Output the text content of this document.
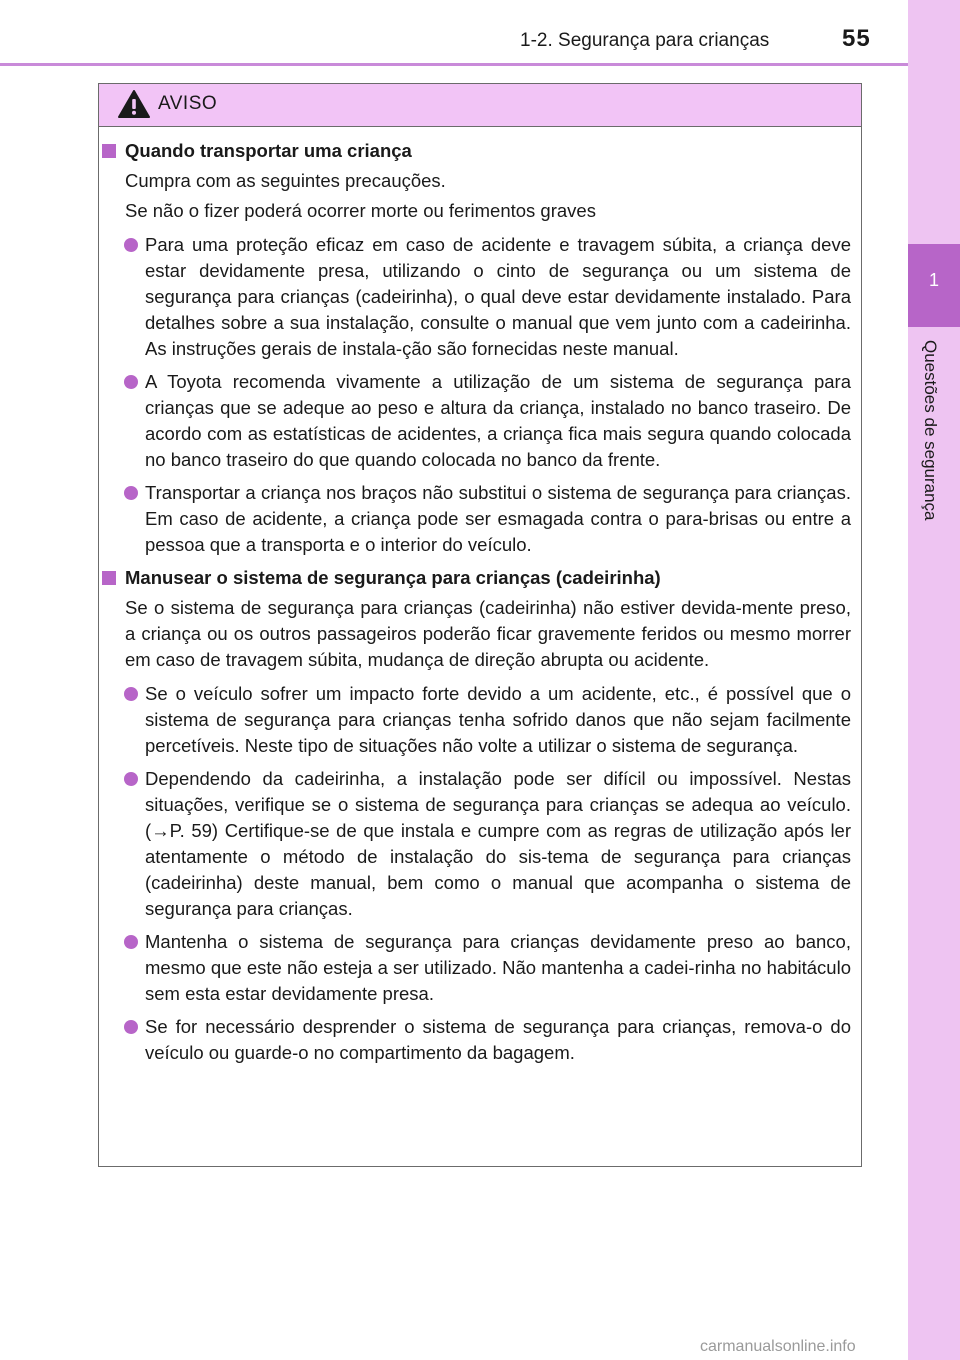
1-2. Segurança para crianças	55
1
Questões de segurança
AVISO
Quando transportar uma criança
Cumpra com as seguintes precauções.
Se não o fizer poderá ocorrer morte ou ferimentos graves
Para uma proteção eficaz em caso de acidente e travagem súbita, a criança deve estar devidamente presa, utilizando o cinto de segurança ou um sistema de segurança para crianças (cadeirinha), o qual deve estar devidamente instalado. Para detalhes sobre a sua instalação, consulte o manual que vem junto com a cadeirinha. As instruções gerais de instala-ção são fornecidas neste manual.
A Toyota recomenda vivamente a utilização de um sistema de segurança para crianças que se adeque ao peso e altura da criança, instalado no banco traseiro. De acordo com as estatísticas de acidentes, a criança fica mais segura quando colocada no banco traseiro do que quando colocada no banco da frente.
Transportar a criança nos braços não substitui o sistema de segurança para crianças. Em caso de acidente, a criança pode ser esmagada contra o para-brisas ou entre a pessoa que a transporta e o interior do veículo.
Manusear o sistema de segurança para crianças (cadeirinha)
Se o sistema de segurança para crianças (cadeirinha) não estiver devida-mente preso, a criança ou os outros passageiros poderão ficar gravemente feridos ou mesmo morrer em caso de travagem súbita, mudança de direção abrupta ou acidente.
Se o veículo sofrer um impacto forte devido a um acidente, etc., é possível que o sistema de segurança para crianças tenha sofrido danos que não sejam facilmente percetíveis. Neste tipo de situações não volte a utilizar o sistema de segurança.
Dependendo da cadeirinha, a instalação pode ser difícil ou impossível. Nestas situações, verifique se o sistema de segurança para crianças se adequa ao veículo. (→P. 59) Certifique-se de que instala e cumpre com as regras de utilização após ler atentamente o método de instalação do sis-tema de segurança para crianças (cadeirinha) deste manual, bem como o manual que acompanha o sistema de segurança para crianças.
Mantenha o sistema de segurança para crianças devidamente preso ao banco, mesmo que este não esteja a ser utilizado. Não mantenha a cadei-rinha no habitáculo sem esta estar devidamente presa.
Se for necessário desprender o sistema de segurança para crianças, remova-o do veículo ou guarde-o no compartimento da bagagem.
carmanualsonline.info
